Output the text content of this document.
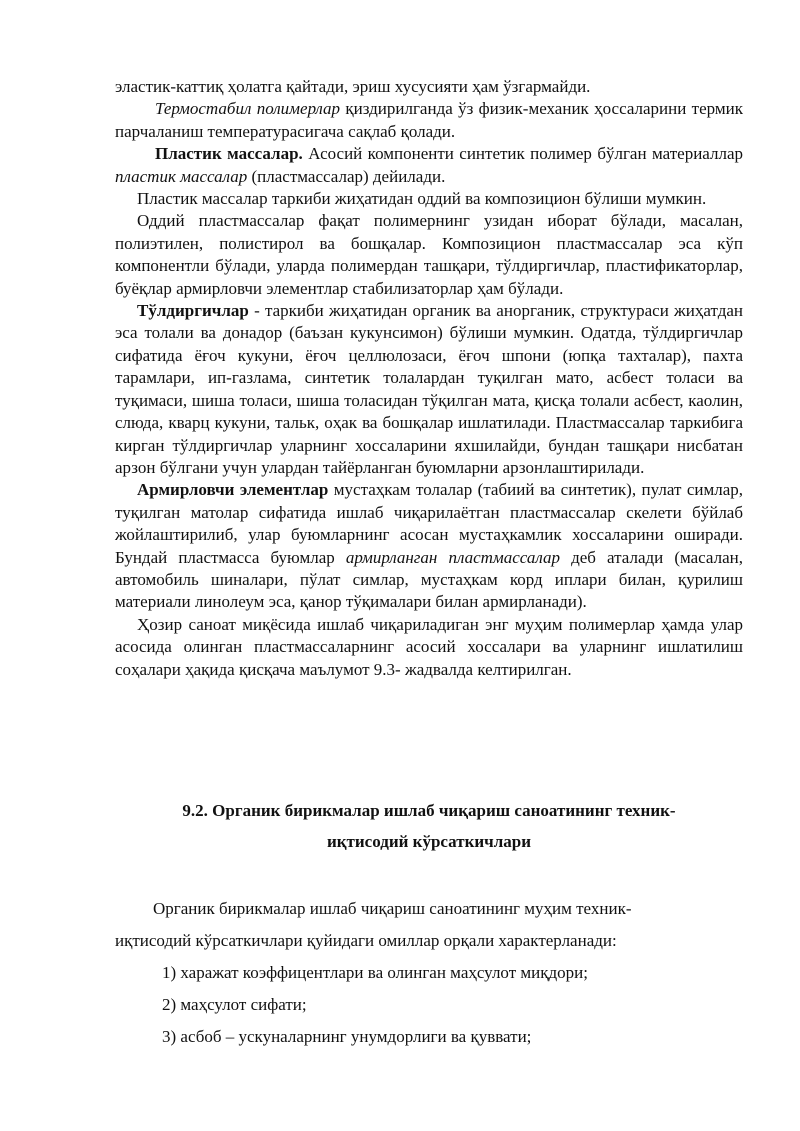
эластик-каттиқ ҳолатга қайтади, эриш хусусияти ҳам ўзгармайди.

Термостабил полимерлар қиздирилганда ўз физик-механик ҳоссаларини термик парчаланиш температурасигача сақлаб қолади.

Пластик массалар. Асосий компоненти синтетик полимер бўлган материаллар пластик массалар (пластмассалар) дейилади.

Пластик массалар таркиби жиҳатидан оддий ва композицион бўлиши мумкин.

Оддий пластмассалар фақат полимернинг узидан иборат бўлади, масалан, полиэтилен, полистирол ва бошқалар. Композицион пластмассалар эса кўп компонентли бўлади, уларда полимердан ташқари, тўлдиргичлар, пластификаторлар, буёқлар армирловчи элементлар стабилизаторлар ҳам бўлади.

Тўлдиргичлар - таркиби жиҳатидан органик ва анорганик, структураси жиҳатдан эса толали ва донадор (баъзан кукунсимон) бўлиши мумкин. Одатда, тўлдиргичлар сифатида ёғоч кукуни, ёғоч целлюлозаси, ёғоч шпони (юпқа тахталар), пахта тарамлари, ип-газлама, синтетик толалардан туқилган мато, асбест толаси ва туқимаси, шиша толаси, шиша толасидан тўқилган мата, қисқа толали асбест, каолин, слюда, кварц кукуни, тальк, оҳак ва бошқалар ишлатилади. Пластмассалар таркибига кирган тўлдиргичлар уларнинг хоссаларини яхшилайди, бундан ташқари нисбатан арзон бўлгани учун улардан тайёрланган буюмларни арзонлаштирилади.

Армирловчи элементлар мустаҳкам толалар (табиий ва синтетик), пулат симлар, туқилган матолар сифатида ишлаб чиқарилаётган пластмассалар скелети бўйлаб жойлаштирилиб, улар буюмларнинг асосан мустаҳкамлик хоссаларини оширади. Бундай пластмасса буюмлар армирланган пластмассалар деб аталади (масалан, автомобиль шиналари, пўлат симлар, мустаҳкам корд иплари билан, қурилиш материали линолеум эса, қанор тўқималари билан армирланади).

Ҳозир саноат миқёсида ишлаб чиқариладиган энг муҳим полимерлар ҳамда улар асосида олинган пластмассаларнинг асосий хоссалари ва уларнинг ишлатилиш соҳалари ҳақида қисқача маълумот 9.3- жадвалда келтирилган.

9.2. Органик бирикмалар ишлаб чиқариш саноатининг техник-

иқтисодий кўрсаткичлари

Органик бирикмалар ишлаб чиқариш саноатининг муҳим техник-

иқтисодий кўрсаткичлари қуйидаги омиллар орқали характерланади:

1) харажат коэффицентлари ва олинган маҳсулот миқдори;

2) маҳсулот сифати;

3) асбоб – ускуналарнинг унумдорлиги ва қуввати;
